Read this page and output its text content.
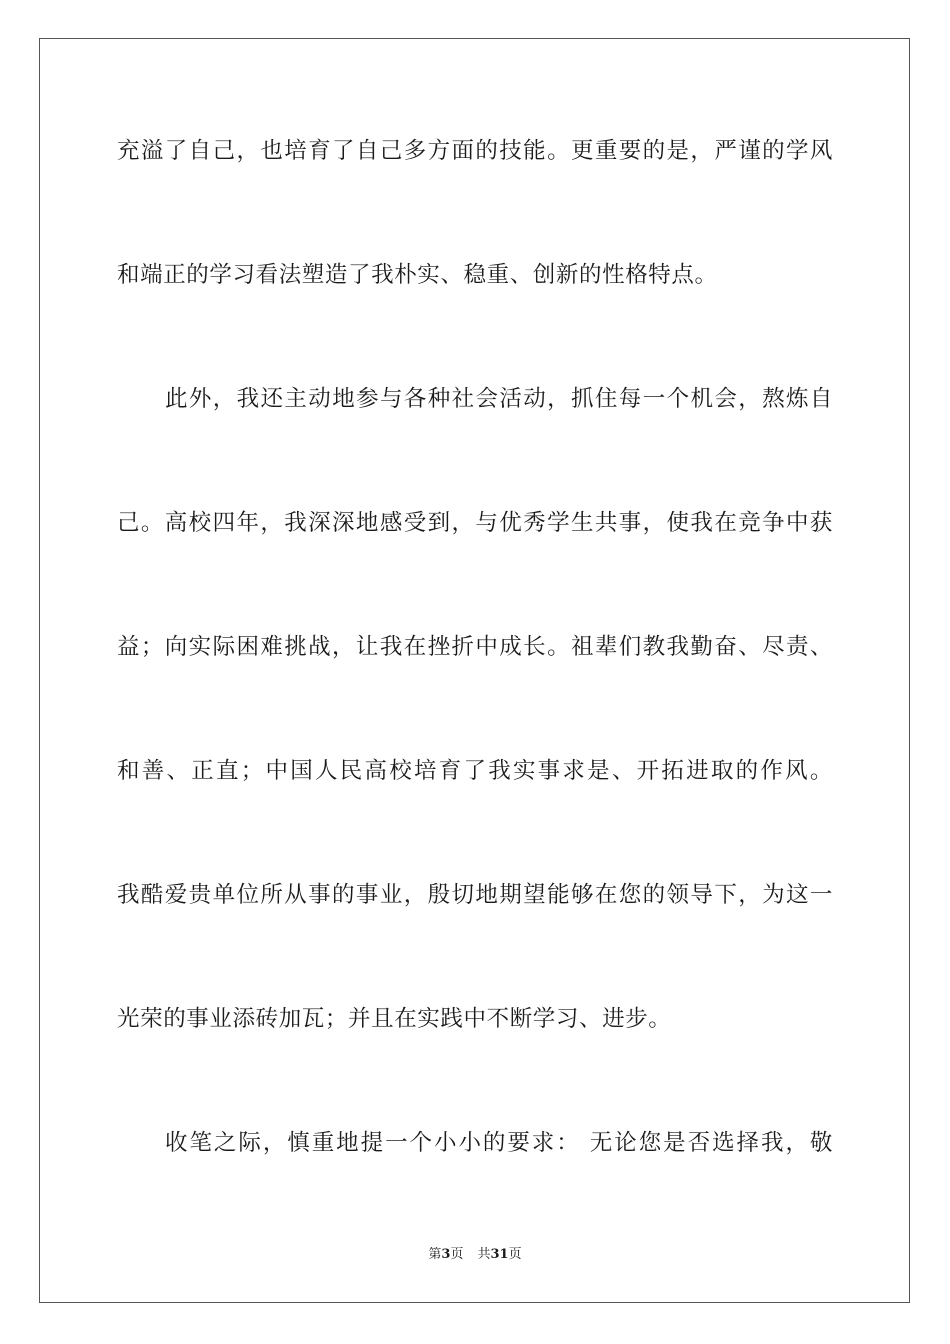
充溢了自己，也培育了自己多方面的技能。更重要的是，严谨的学风
和端正的学习看法塑造了我朴实、稳重、创新的性格特点。
此外，我还主动地参与各种社会活动，抓住每一个机会，熬炼自
己。高校四年，我深深地感受到，与优秀学生共事，使我在竞争中获
益；向实际困难挑战，让我在挫折中成长。祖辈们教我勤奋、尽责、
和善、正直；中国人民高校培育了我实事求是、开拓进取的作风。
我酷爱贵单位所从事的事业，殷切地期望能够在您的领导下，为这一
光荣的事业添砖加瓦；并且在实践中不断学习、进步。
收笔之际，慎重地提一个小小的要求： 无论您是否选择我，敬
第3页 共31页
